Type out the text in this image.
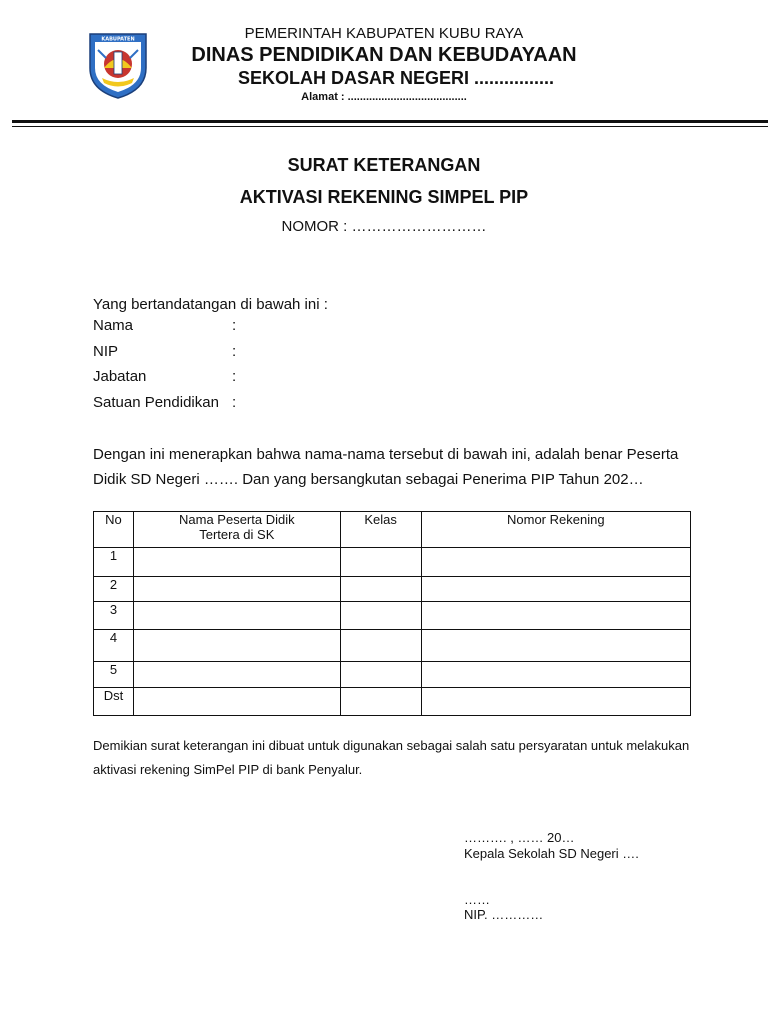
KABUPATEN	PEMERINTAH KABUPATEN KUBU RAYA
DINAS PENDIDIKAN DAN KEBUDAYAAN
SEKOLAH DASAR NEGERI ................
Alamat : .......................................
SURAT KETERANGAN
AKTIVASI REKENING SIMPEL PIP
NOMOR : ………………………
Yang bertandatangan di bawah ini :
Nama	:
NIP	:
Jabatan	:
Satuan Pendidikan :
Dengan ini menerapkan bahwa nama-nama tersebut di bawah ini, adalah benar Peserta Didik SD Negeri ……. Dan yang bersangkutan sebagai Penerima PIP Tahun 202…
No	Nama Peserta Didik Tertera di SK	Kelas	Nomor Rekening
1			
2			
3			
4			
5			
Dst			
Demikian surat keterangan ini dibuat untuk digunakan sebagai salah satu persyaratan untuk melakukan aktivasi rekening SimPel PIP di bank Penyalur.
………. , …… 20…
Kepala Sekolah SD Negeri ….
……
NIP. …………
